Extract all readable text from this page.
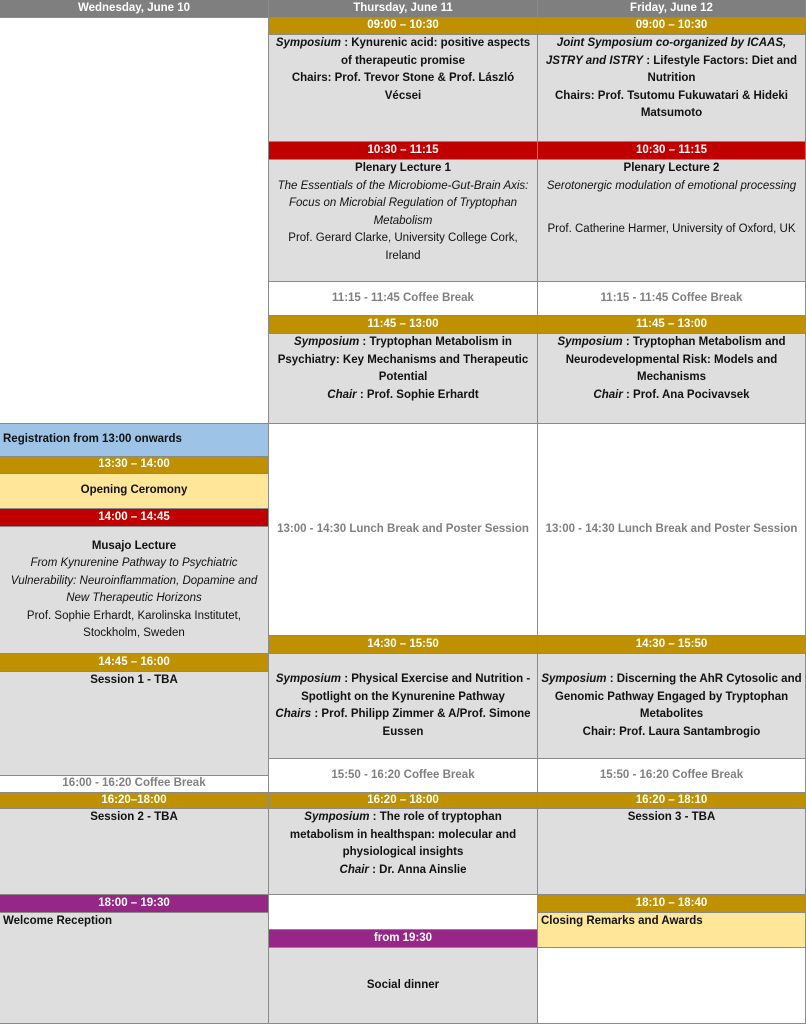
Wednesday, June 10	Thursday, June 11	Friday, June 12
Registration from 13:00 onwards
13:30 – 14:00
Opening Ceromony
14:00 – 14:45
Musajo Lecture
From Kynurenine Pathway to Psychiatric Vulnerability: Neuroinflammation, Dopamine and New Therapeutic Horizons
Prof. Sophie Erhardt, Karolinska Institutet, Stockholm, Sweden
14:45 – 16:00
Session 1 - TBA
16:00 - 16:20 Coffee Break
16:20–18:00
Session 2 - TBA
18:00 – 19:30
Welcome Reception
09:00 – 10:30
Symposium : Kynurenic acid: positive aspects of therapeutic promise
Chairs: Prof. Trevor Stone & Prof. László Vécsei
10:30 – 11:15
Plenary Lecture 1
The Essentials of the Microbiome-Gut-Brain Axis: Focus on Microbial Regulation of Tryptophan Metabolism
Prof. Gerard Clarke, University College Cork, Ireland
11:15 - 11:45 Coffee Break
11:45 – 13:00
Symposium : Tryptophan Metabolism in Psychiatry: Key Mechanisms and Therapeutic Potential
Chair : Prof. Sophie Erhardt
13:00 - 14:30 Lunch Break and Poster Session
14:30 – 15:50
Symposium : Physical Exercise and Nutrition - Spotlight on the Kynurenine Pathway
Chairs : Prof. Philipp Zimmer & A/Prof. Simone Eussen
15:50 - 16:20 Coffee Break
16:20 – 18:00
Symposium : The role of tryptophan metabolism in healthspan: molecular and physiological insights
Chair : Dr. Anna Ainslie
from 19:30
Social dinner
09:00 – 10:30
Joint Symposium co-organized by ICAAS, JSTRY and ISTRY : Lifestyle Factors: Diet and Nutrition
Chairs: Prof. Tsutomu Fukuwatari & Hideki Matsumoto
10:30 – 11:15
Plenary Lecture 2
Serotonergic modulation of emotional processing
Prof. Catherine Harmer, University of Oxford, UK
11:15 - 11:45 Coffee Break
11:45 – 13:00
Symposium : Tryptophan Metabolism and Neurodevelopmental Risk: Models and Mechanisms
Chair : Prof. Ana Pocivavsek
13:00 - 14:30 Lunch Break and Poster Session
14:30 – 15:50
Symposium : Discerning the AhR Cytosolic and Genomic Pathway Engaged by Tryptophan Metabolites
Chair: Prof. Laura Santambrogio
15:50 - 16:20 Coffee Break
16:20 – 18:10
Session 3 - TBA
18:10 – 18:40
Closing Remarks and Awards
